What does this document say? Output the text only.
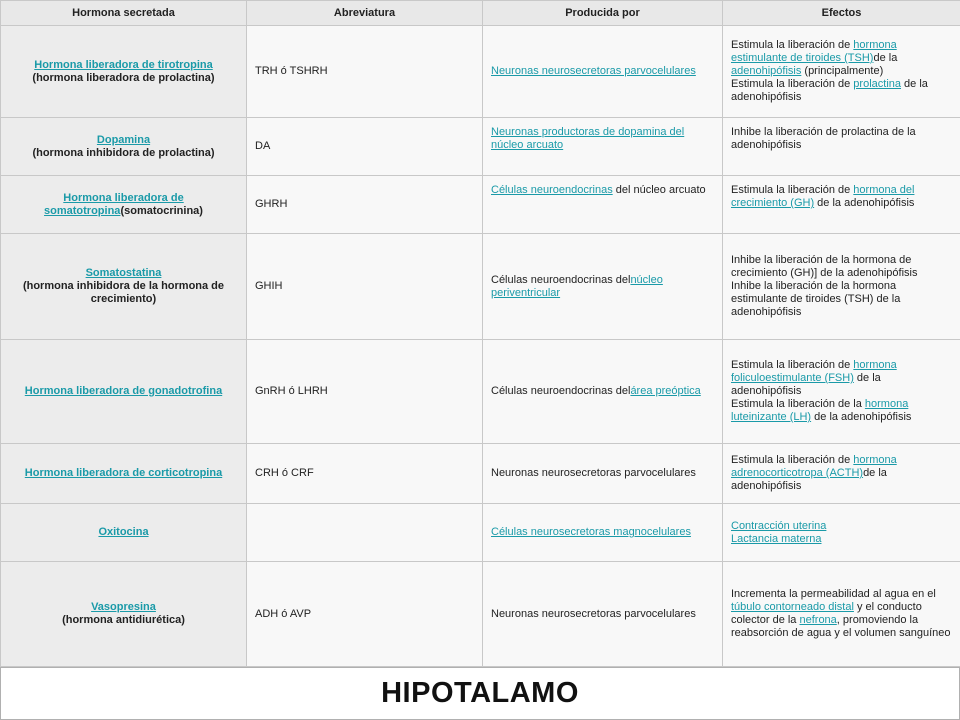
Hormona secretada	Abreviatura	Producida por	Efectos
Hormona liberadora de tirotropina
(hormona liberadora de prolactina)	TRH ó TSHRH	Neuronas neurosecretoras parvocelulares	Estimula la liberación de hormona estimulante de tiroides (TSH)de la adenohipófisis (principalmente)
Estimula la liberación de prolactina de la adenohipófisis
Dopamina
(hormona inhibidora de prolactina)	DA	Neuronas productoras de dopamina del núcleo arcuato	Inhibe la liberación de prolactina de la adenohipófisis
Hormona liberadora de somatotropina(somatocrinina)	GHRH	Células neuroendocrinas del núcleo arcuato	Estimula la liberación de hormona del crecimiento (GH) de la adenohipófisis
Somatostatina
(hormona inhibidora de la hormona de crecimiento)	GHIH	Células neuroendocrinas delnúcleo periventricular	Inhibe la liberación de la hormona de crecimiento (GH)] de la adenohipófisis
Inhibe la liberación de la hormona estimulante de tiroides (TSH) de la adenohipófisis
Hormona liberadora de gonadotrofina	GnRH ó LHRH	Células neuroendocrinas delárea preóptica	Estimula la liberación de hormona foliculoestimulante (FSH) de la adenohipófisis
Estimula la liberación de la hormona luteinizante (LH) de la adenohipófisis
Hormona liberadora de corticotropina	CRH ó CRF	Neuronas neurosecretoras parvocelulares	Estimula la liberación de hormona adrenocorticotropa (ACTH)de la adenohipófisis
Oxitocina		Células neurosecretoras magnocelulares	Contracción uterina
Lactancia materna
Vasopresina
(hormona antidiurética)	ADH ó AVP	Neuronas neurosecretoras parvocelulares	Incrementa la permeabilidad al agua en el túbulo contorneado distal y el conducto colector de la nefrona, promoviendo la reabsorción de agua y el volumen sanguíneo
HIPOTALAMO
